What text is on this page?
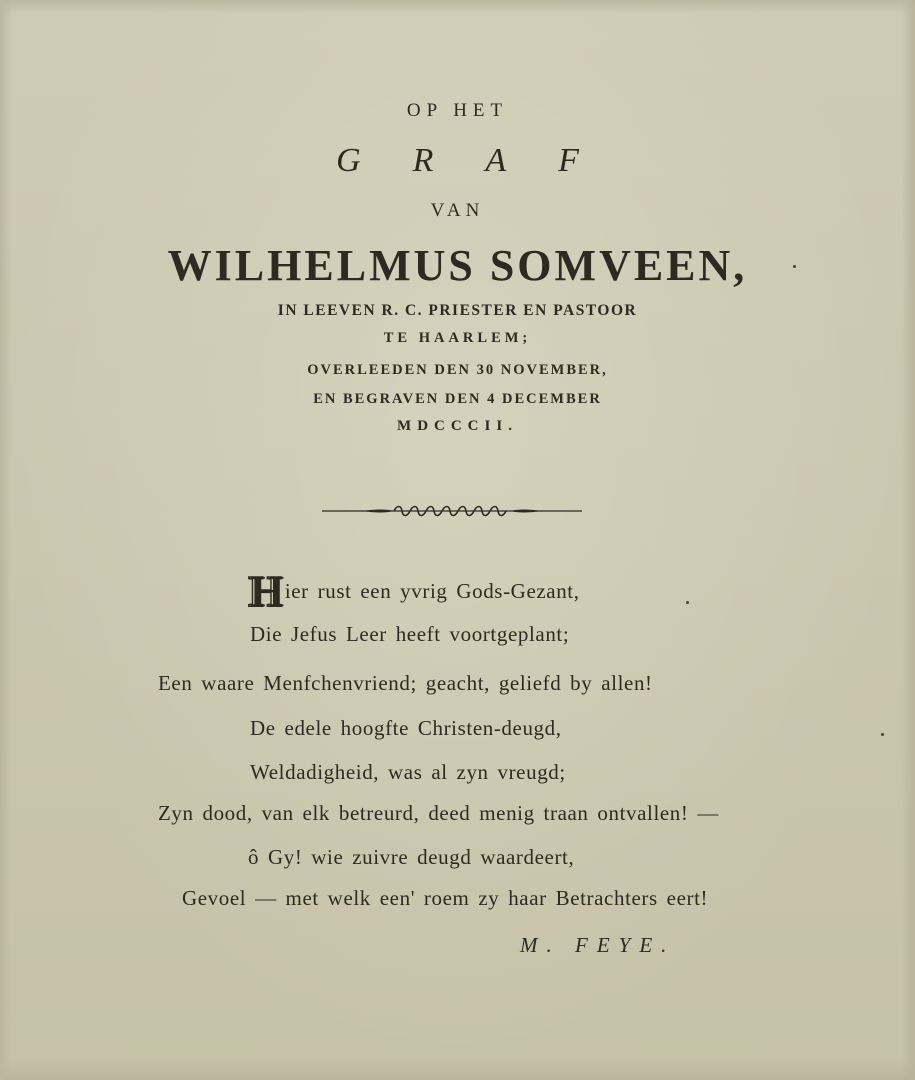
OP HET
GRAF
VAN
WILHELMUS SOMVEEN,
IN LEEVEN R. C. PRIESTER EN PASTOOR
TE HAARLEM;
OVERLEEDEN DEN 30 NOVEMBER,
EN BEGRAVEN DEN 4 DECEMBER
MDCCCII.
Hier rust een yvrig Gods-Gezant,
Die Jefus Leer heeft voortgeplant;
Een waare Menfchenvriend; geacht, geliefd by allen!
De edele hoogfte Christen-deugd,
Weldadigheid, was al zyn vreugd;
Zyn dood, van elk betreurd, deed menig traan ontvallen! —
ô Gy! wie zuivre deugd waardeert,
Gevoel — met welk een' roem zy haar Betrachters eert!
M. FEYE.
